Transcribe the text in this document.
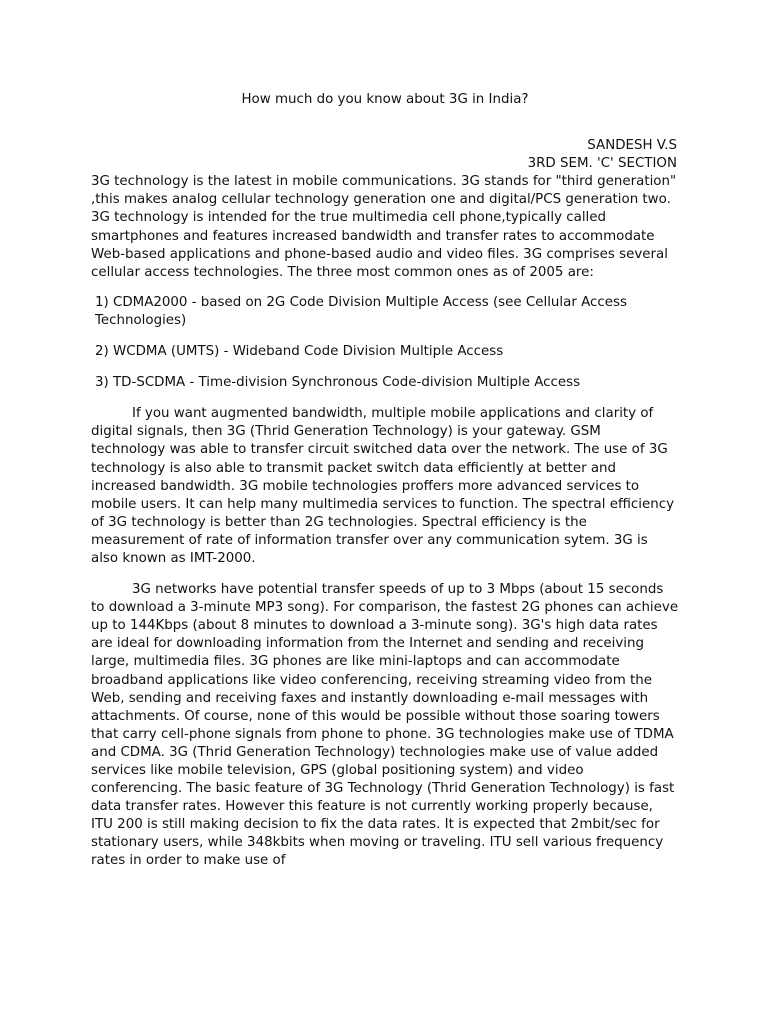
How much do you know about 3G in India?

SANDESH V.S

3RD SEM. 'C' SECTION

3G technology is the latest in mobile communications. 3G stands for "third generation" ,this makes analog cellular technology generation one and digital/PCS generation two. 3G technology is intended for the true multimedia cell phone,typically called smartphones and features increased bandwidth and transfer rates to accommodate Web-based applications and phone-based audio and video files. 3G comprises several cellular access technologies. The three most common ones as of 2005 are:

1) CDMA2000 - based on 2G Code Division Multiple Access (see Cellular Access Technologies)

2) WCDMA (UMTS) - Wideband Code Division Multiple Access

3) TD-SCDMA - Time-division Synchronous Code-division Multiple Access

If you want augmented bandwidth, multiple mobile applications and clarity of digital signals, then 3G (Thrid Generation Technology) is your gateway. GSM technology was able to transfer circuit switched data over the network. The use of 3G technology is also able to transmit packet switch data efficiently at better and increased bandwidth. 3G mobile technologies proffers more advanced services to mobile users. It can help many multimedia services to function. The spectral efficiency of 3G technology is better than 2G technologies. Spectral efficiency is the measurement of rate of information transfer over any communication sytem. 3G is also known as IMT-2000.

3G networks have potential transfer speeds of up to 3 Mbps (about 15 seconds to download a 3-minute MP3 song). For comparison, the fastest 2G phones can achieve up to 144Kbps (about 8 minutes to download a 3-minute song). 3G's high data rates are ideal for downloading information from the Internet and sending and receiving large, multimedia files. 3G phones are like mini-laptops and can accommodate broadband applications like video conferencing, receiving streaming video from the Web, sending and receiving faxes and instantly downloading e-mail messages with attachments. Of course, none of this would be possible without those soaring towers that carry cell-phone signals from phone to phone. 3G technologies make use of TDMA and CDMA. 3G (Thrid Generation Technology) technologies make use of value added services like mobile television, GPS (global positioning system) and video conferencing. The basic feature of 3G Technology (Thrid Generation Technology) is fast data transfer rates. However this feature is not currently working properly because, ITU 200 is still making decision to fix the data rates. It is expected that 2mbit/sec for stationary users, while 348kbits when moving or traveling. ITU sell various frequency rates in order to make use of
